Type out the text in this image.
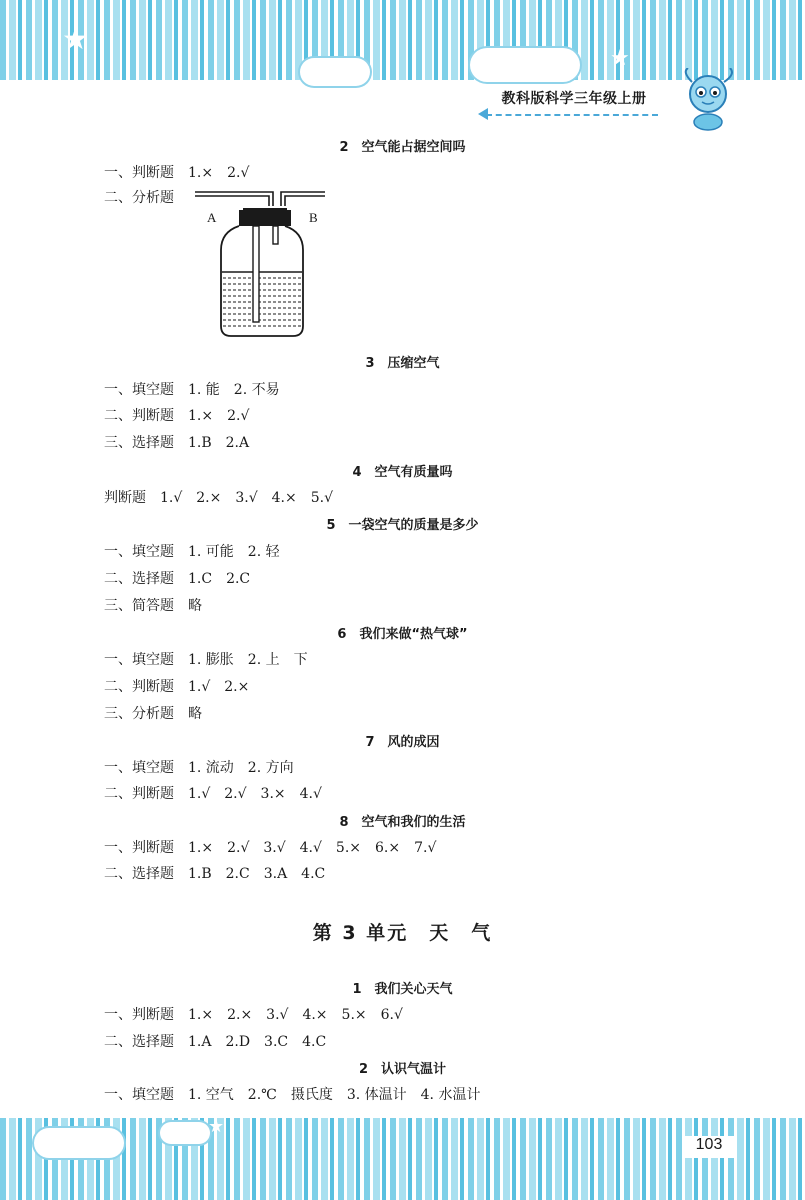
★
★
教科版科学三年级上册
2　空气能占据空间吗
一、判断题　1.×　2.√
二、分析题
A	B
3　压缩空气
一、填空题　1. 能　2. 不易
二、判断题　1.×　2.√
三、选择题　1.B　2.A
4　空气有质量吗
判断题　1.√　2.×　3.√　4.×　5.√
5　一袋空气的质量是多少
一、填空题　1. 可能　2. 轻
二、选择题　1.C　2.C
三、简答题　略
6　我们来做“热气球”
一、填空题　1. 膨胀　2. 上　下
二、判断题　1.√　2.×
三、分析题　略
7　风的成因
一、填空题　1. 流动　2. 方向
二、判断题　1.√　2.√　3.×　4.√
8　空气和我们的生活
一、判断题　1.×　2.√　3.√　4.√　5.×　6.×　7.√
二、选择题　1.B　2.C　3.A　4.C
第 3 单元　天　气
1　我们关心天气
一、判断题　1.×　2.×　3.√　4.×　5.×　6.√
二、选择题　1.A　2.D　3.C　4.C
2　认识气温计
一、填空题　1. 空气　2.℃　摄氏度　3. 体温计　4. 水温计
★
103
